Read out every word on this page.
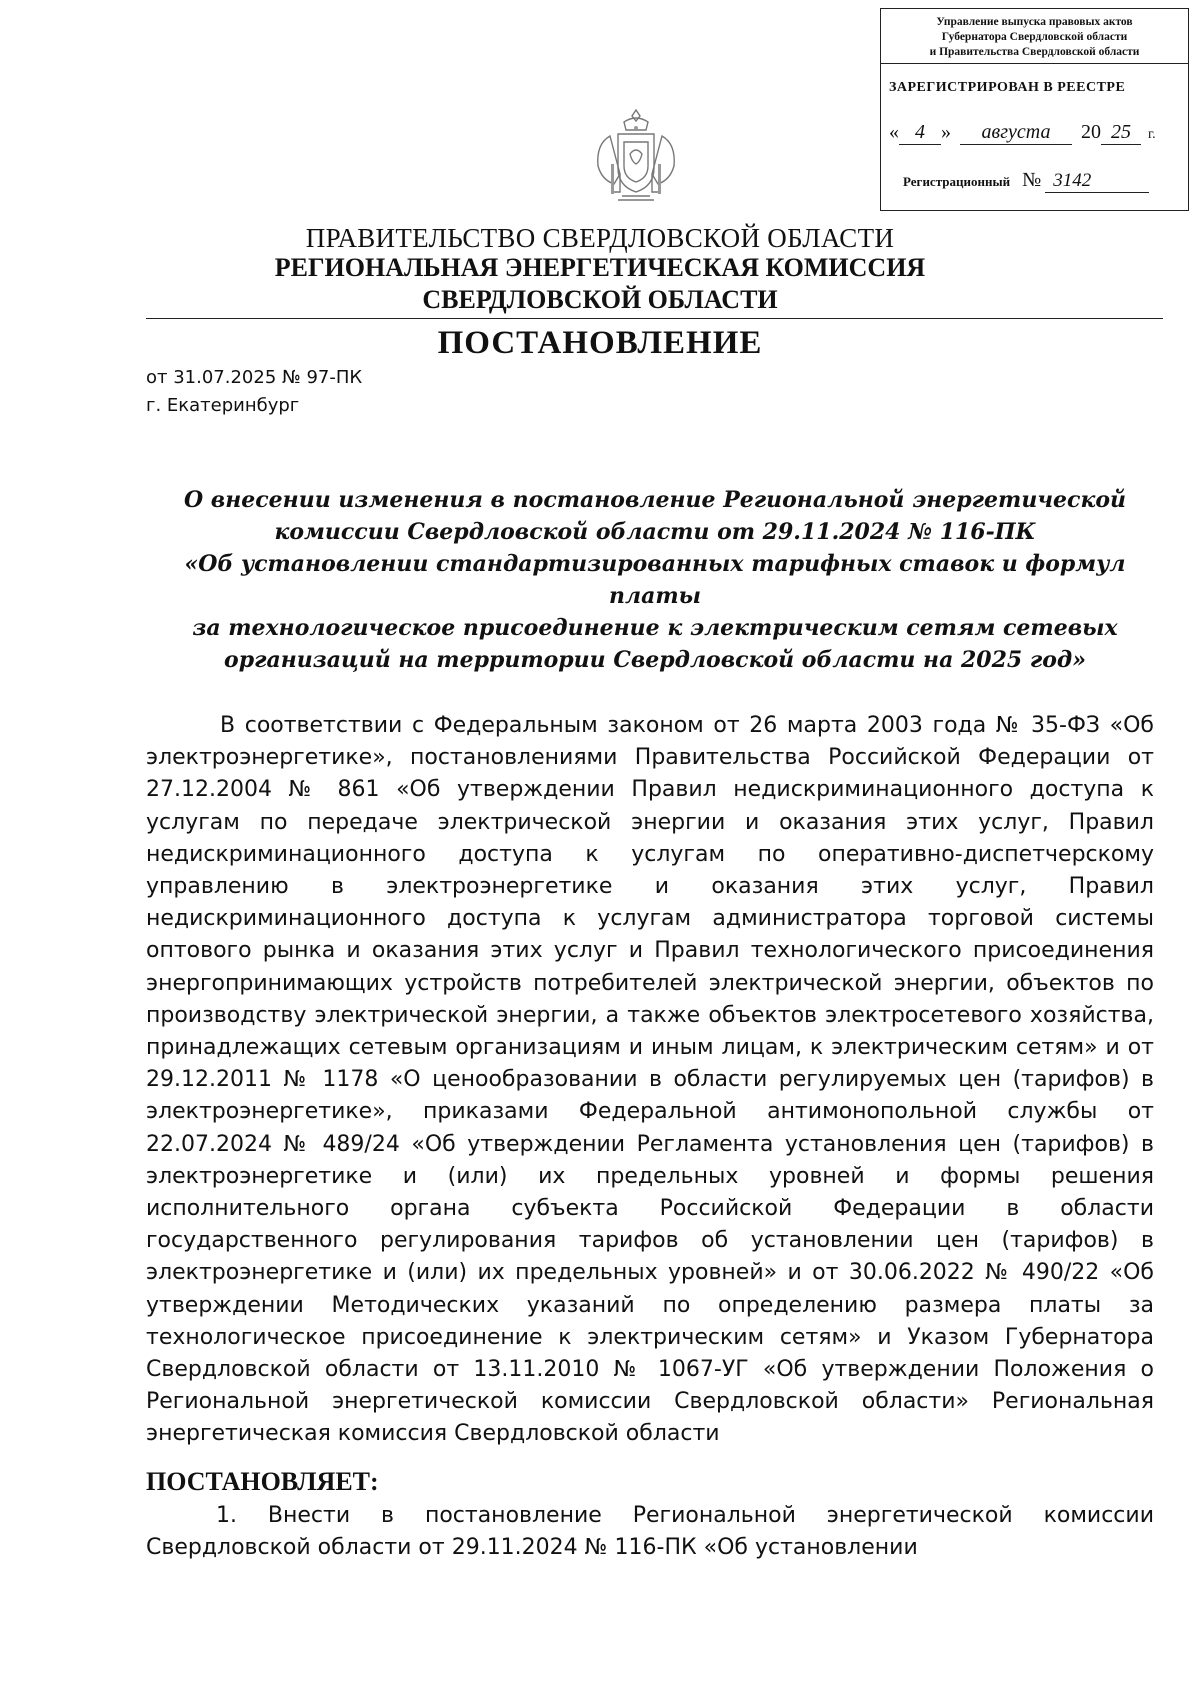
Управление выпуска правовых актов
Губернатора Свердловской области
и Правительства Свердловской области
ЗАРЕГИСТРИРОВАН В РЕЕСТРЕ
« 4 » августа 20 25 г.
Регистрационный № 3142
ПРАВИТЕЛЬСТВО СВЕРДЛОВСКОЙ ОБЛАСТИ
РЕГИОНАЛЬНАЯ ЭНЕРГЕТИЧЕСКАЯ КОМИССИЯ
СВЕРДЛОВСКОЙ ОБЛАСТИ
ПОСТАНОВЛЕНИЕ
от 31.07.2025 № 97-ПК
г. Екатеринбург
О внесении изменения в постановление Региональной энергетической
комиссии Свердловской области от 29.11.2024 № 116-ПК
«Об установлении стандартизированных тарифных ставок и формул платы
за технологическое присоединение к электрическим сетям сетевых
организаций на территории Свердловской области на 2025 год»
В соответствии с Федеральным законом от 26 марта 2003 года № 35-ФЗ «Об электроэнергетике», постановлениями Правительства Российской Федерации от 27.12.2004 № 861 «Об утверждении Правил недискриминационного доступа к услугам по передаче электрической энергии и оказания этих услуг, Правил недискриминационного доступа к услугам по оперативно-диспетчерскому управлению в электроэнергетике и оказания этих услуг, Правил недискриминационного доступа к услугам администратора торговой системы оптового рынка и оказания этих услуг и Правил технологического присоединения энергопринимающих устройств потребителей электрической энергии, объектов по производству электрической энергии, а также объектов электросетевого хозяйства, принадлежащих сетевым организациям и иным лицам, к электрическим сетям» и от 29.12.2011 № 1178 «О ценообразовании в области регулируемых цен (тарифов) в электроэнергетике», приказами Федеральной антимонопольной службы от 22.07.2024 № 489/24 «Об утверждении Регламента установления цен (тарифов) в электроэнергетике и (или) их предельных уровней и формы решения исполнительного органа субъекта Российской Федерации в области государственного регулирования тарифов об установлении цен (тарифов) в электроэнергетике и (или) их предельных уровней» и от 30.06.2022 № 490/22 «Об утверждении Методических указаний по определению размера платы за технологическое присоединение к электрическим сетям» и Указом Губернатора Свердловской области от 13.11.2010 № 1067-УГ «Об утверждении Положения о Региональной энергетической комиссии Свердловской области» Региональная энергетическая комиссия Свердловской области
ПОСТАНОВЛЯЕТ:
1. Внести в постановление Региональной энергетической комиссии Свердловской области от 29.11.2024 № 116-ПК «Об установлении
